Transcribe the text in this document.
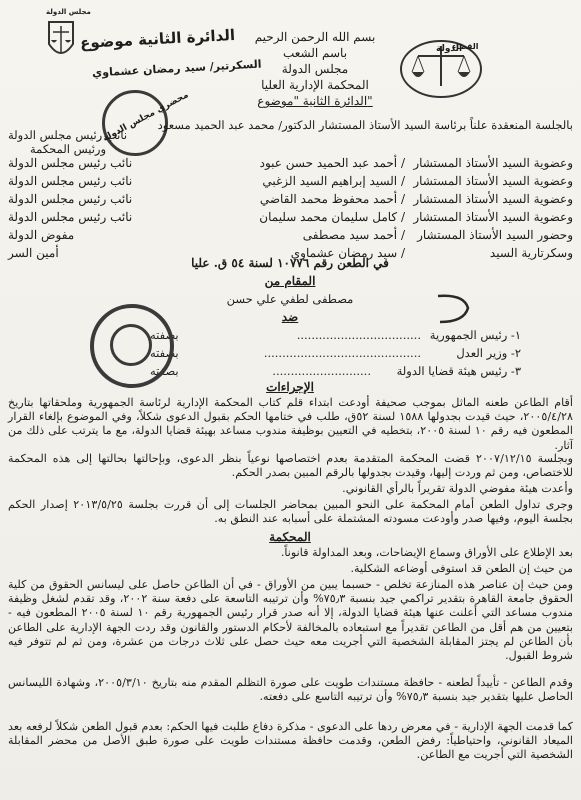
الدولة
القضاء
مجلس الدولة
الدائرة الثانية موضوع
السكرتير/ سيد رمضان عشماوي
محضري مجلس الدولة
بسم الله الرحمن الرحيم
باسم الشعب
مجلس الدولة
المحكمة الإدارية العليا
الدائرة الثانية "موضوع"
بالجلسة المنعقدة علناً برئاسة السيد الأستاذ المستشار الدكتور/ محمد عبد الحميد مسعود
نائب رئيس مجلس الدولة
ورئيس المحكمة
وعضوية السيد الأستاذ المستشار
/ أحمد عبد الحميد حسن عبود
نائب رئيس مجلس الدولة
وعضوية السيد الأستاذ المستشار
/ السيد إبراهيم السيد الزغبي
نائب رئيس مجلس الدولة
وعضوية السيد الأستاذ المستشار
/ أحمد محفوظ محمد القاضي
نائب رئيس مجلس الدولة
وعضوية السيد الأستاذ المستشار
/ كامل سليمان محمد سليمان
نائب رئيس مجلس الدولة
وحضور السيد الأستاذ المستشار
/ أحمد سيد مصطفى
مفوض الدولة
وسكرتارية السيد
/ سيد رمضان عشماوي
أمين السر
في الطعن رقم ١٠٧٧٦ لسنة ٥٤ ق. عليا
المقام من
مصطفى لطفي علي حسن
ضد
١- رئيس الجمهورية
..................................
بصفته
٢- وزير العدل
...........................................
بصفته
٣- رئيس هيئة قضايا الدولة
...........................
بصفته
الإجراءات
أقام الطاعن طعنه الماثل بموجب صحيفة أودعت ابتداء قلم كتاب المحكمة الإدارية لرئاسة الجمهورية وملحقاتها بتاريخ ٢٠٠٥/٤/٢٨، حيث قيدت بجدولها ١٥٨٨ لسنة ٥٢ق، طلب في ختامها الحكم بقبول الدعوى شكلاً، وفي الموضوع بإلغاء القرار المطعون فيه رقم ١٠ لسنة ٢٠٠٥، بتخطيه في التعيين بوظيفة مندوب مساعد بهيئة قضايا الدولة، مع ما يترتب على ذلك من آثار.
وبجلسة ٢٠٠٧/١٢/١٥ قضت المحكمة المتقدمة بعدم اختصاصها نوعياً بنظر الدعوى، وبإحالتها بحالتها إلى هذه المحكمة للاختصاص، ومن ثم وردت إليها، وقيدت بجدولها بالرقم المبين بصدر الحكم.
وأعدت هيئة مفوضي الدولة تقريراً بالرأي القانوني.
وجرى تداول الطعن أمام المحكمة على النحو المبين بمحاضر الجلسات إلى أن قررت بجلسة ٢٠١٣/٥/٢٥ إصدار الحكم بجلسة اليوم، وفيها صدر وأودعت مسودته المشتملة على أسبابه عند النطق به.
المحكمة
بعد الإطلاع على الأوراق وسماع الإيضاحات، وبعد المداولة قانوناً.
من حيث إن الطعن قد استوفى أوضاعه الشكلية.
ومن حيث إن عناصر هذه المنازعة تخلص - حسبما يبين من الأوراق - في أن الطاعن حاصل على ليسانس الحقوق من كلية الحقوق جامعة القاهرة بتقدير تراكمي جيد بنسبة ٧٥٫٣% وأن ترتيبه التاسعة على دفعة سنة ٢٠٠٢، وقد تقدم لشغل وظيفة مندوب مساعد التي أعلنت عنها هيئة قضايا الدولة، إلا أنه صدر قرار رئيس الجمهورية رقم ١٠ لسنة ٢٠٠٥ المطعون فيه - بتعيين من هم أقل من الطاعن تقديراً مع استبعاده بالمخالفة لأحكام الدستور والقانون وقد ردت الجهة الإدارية على الطاعن بأن الطاعن لم يجتز المقابلة الشخصية التي أجريت معه حيث حصل على ثلاث درجات من عشرة، ومن ثم لم تتوفر فيه شروط القبول.
وقدم الطاعن - تأييداً لطعنه - حافظة مستندات طويت على صورة التظلم المقدم منه بتاريخ ٢٠٠٥/٣/١٠، وشهادة الليسانس الحاصل عليها بتقدير جيد بنسبة ٧٥٫٣% وأن ترتيبه التاسع على دفعته.
كما قدمت الجهة الإدارية - في معرض ردها على الدعوى - مذكرة دفاع طلبت فيها الحكم: بعدم قبول الطعن شكلاً لرفعه بعد الميعاد القانوني، واحتياطياً: رفض الطعن، وقدمت حافظة مستندات طويت على صورة طبق الأصل من محضر المقابلة الشخصية التي أجريت مع الطاعن.
